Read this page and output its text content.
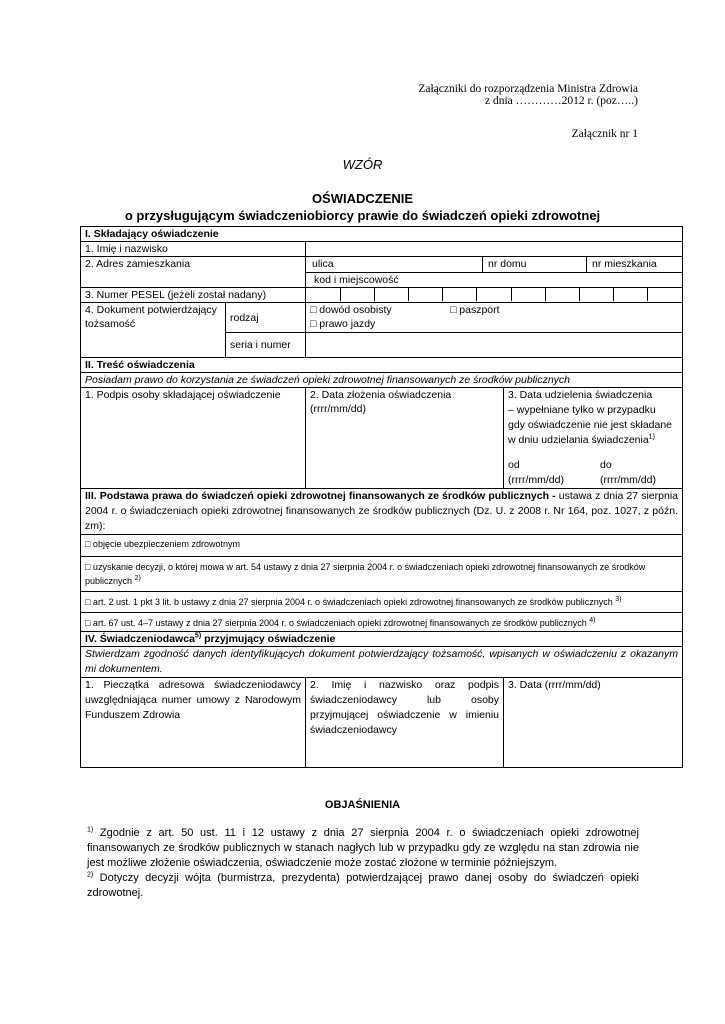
Załączniki do rozporządzenia Ministra Zdrowia
z dnia …………2012 r. (poz…..)
Załącznik nr 1
WZÓR
OŚWIADCZENIE
o przysługującym świadczeniobiorcy prawie do świadczeń opieki zdrowotnej
I. Składający oświadczenie
1. Imię i nazwisko	
2. Adres zamieszkania	ulica	nr domu	nr mieszkania

kod i miejscowość
3. Numer PESEL (jeżeli został nadany)	

4. Dokument potwierdzający tożsamość	rodzaj	
□ dowód osobisty	□ paszport
□ prawo jazdy

seria i numer	
II. Treść oświadczenia
Posiadam prawo do korzystania ze świadczeń opieki zdrowotnej finansowanych ze środków publicznych
1. Podpis osoby składającej oświadczenie	2. Data złożenia oświadczenia
(rrrr/mm/dd)

3. Data udzielenia świadczenia
– wypełniane tylko w przypadku
gdy oświadczenie nie jest składane
w dniu udzielania świadczenia$^{1)}$
od	do
(rrrr/mm/dd)	(rrrr/mm/dd)

III. Podstawa prawa do świadczeń opieki zdrowotnej finansowanych ze środków publicznych - ustawa z dnia 27 sierpnia 2004 r. o świadczeniach opieki zdrowotnej finansowanych ze środków publicznych (Dz. U. z 2008 r. Nr 164, poz. 1027, z późn. zm):

□ objęcie ubezpieczeniem zdrowotnym
□ uzyskanie decyzji, o której mowa w art. 54 ustawy z dnia 27 sierpnia 2004 r. o świadczeniach opieki zdrowotnej finansowanych ze środków publicznych $^{2)}$
□ art. 2 ust. 1 pkt 3 lit. b ustawy z dnia 27 sierpnia 2004 r. o świadczeniach opieki zdrowotnej finansowanych ze środków publicznych $^{3)}$
□ art. 67 ust. 4–7 ustawy z dnia 27 sierpnia 2004 r. o świadczeniach opieki zdrowotnej finansowanych ze środków publicznych $^{4)}$

IV. Świadczeniodawca$^{5)}$ przyjmujący oświadczenie
Stwierdzam zgodność danych identyfikujących dokument potwierdzający tożsamość, wpisanych w oświadczeniu z okazanym mi dokumentem.
1. Pieczątka adresowa świadczeniodawcy uwzględniająca numer umowy z Narodowym Funduszem Zdrowia	2. Imię i nazwisko oraz podpis świadczeniodawcy lub osoby przyjmującej oświadczenie w imieniu świadczeniodawcy	3. Data (rrrr/mm/dd)
OBJAŚNIENIA
$^{1)}$ Zgodnie z art. 50 ust. 11 i 12 ustawy z dnia 27 sierpnia 2004 r. o świadczeniach opieki zdrowotnej finansowanych ze środków publicznych w stanach nagłych lub w przypadku gdy ze względu na stan zdrowia nie jest możliwe złożenie oświadczenia, oświadczenie może zostać złożone w terminie późniejszym.
$^{2)}$ Dotyczy decyzji wójta (burmistrza, prezydenta) potwierdzającej prawo danej osoby do świadczeń opieki zdrowotnej.
